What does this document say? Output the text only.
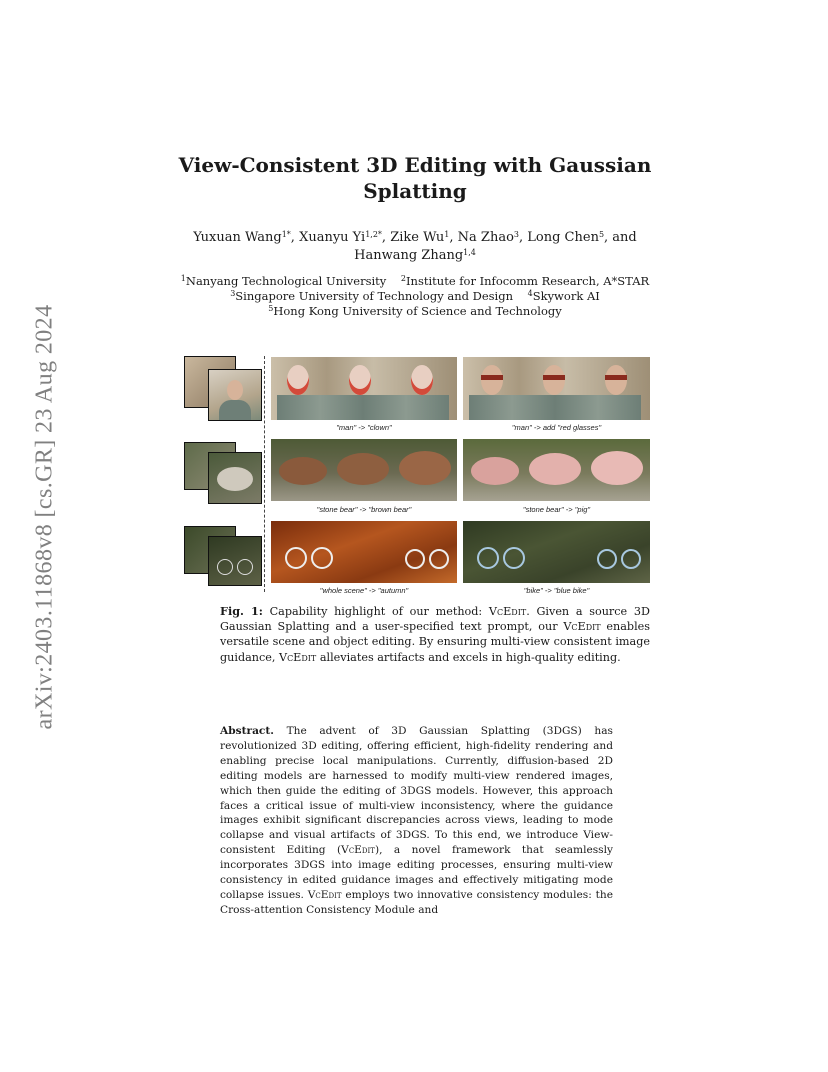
arXiv:2403.11868v8 [cs.GR] 23 Aug 2024
View-Consistent 3D Editing with Gaussian Splatting
Yuxuan Wang$^{1*}$, Xuanyu $Yi^{1,2*}$, Zike Wu$^1$, Na Zhao$^3$, Long Chen$^5$, and
Hanwang Zhang$^{1,4}$
$^1$Nanyang Technological University $^2$Institute for Infocomm Research, A*STAR
$^3$Singapore University of Technology and Design $^4$Skywork AI
$^5$Hong Kong University of Science and Technology
"man" -> "clown"	"man" -> add "red glasses"
"stone bear" -> "brown bear"	"stone bear" -> "pig"
"whole scene" -> "autumn"	"bike" -> "blue bike"
Fig. 1: Capability highlight of our method: VcEdit. Given a source 3D Gaussian Splatting and a user-specified text prompt, our VcEdit enables versatile scene and object editing. By ensuring multi-view consistent image guidance, VcEdit alleviates artifacts and excels in high-quality editing.
Abstract. The advent of 3D Gaussian Splatting (3DGS) has revolutionized 3D editing, offering efficient, high-fidelity rendering and enabling precise local manipulations. Currently, diffusion-based 2D editing models are harnessed to modify multi-view rendered images, which then guide the editing of 3DGS models. However, this approach faces a critical issue of multi-view inconsistency, where the guidance images exhibit significant discrepancies across views, leading to mode collapse and visual artifacts of 3DGS. To this end, we introduce View-consistent Editing (VcEdit), a novel framework that seamlessly incorporates 3DGS into image editing processes, ensuring multi-view consistency in edited guidance images and effectively mitigating mode collapse issues. VcEdit employs two innovative consistency modules: the Cross-attention Consistency Module and
